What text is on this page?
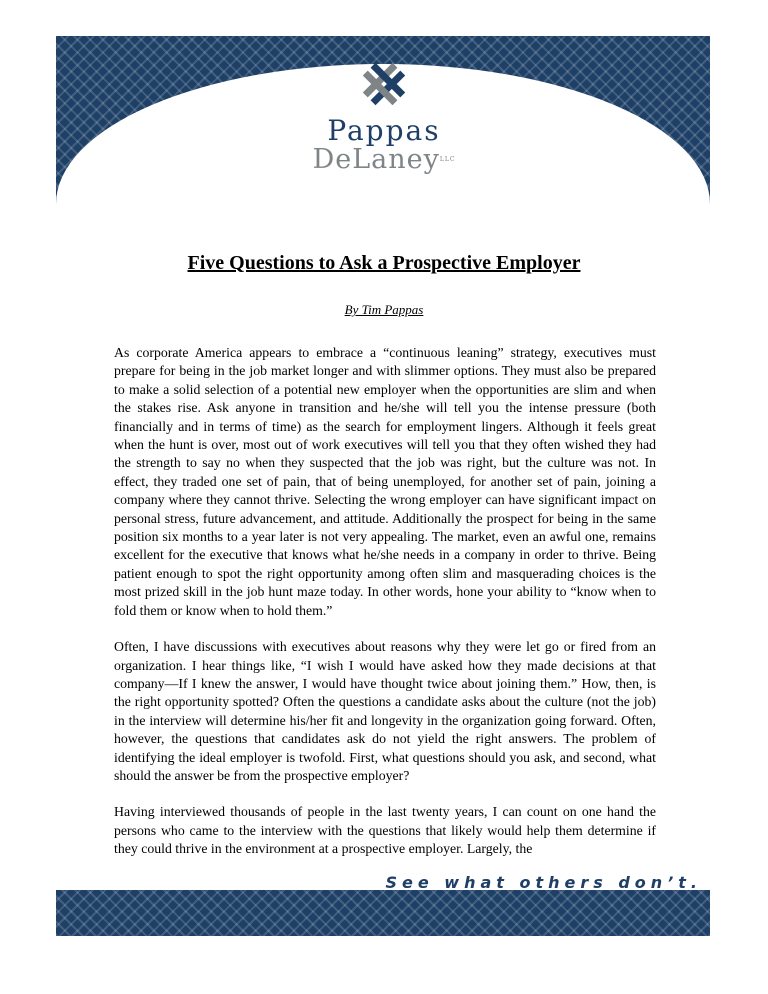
Pappas
DeLaney$^{LLC}$
Five Questions to Ask a Prospective Employer
By Tim Pappas

As corporate America appears to embrace a “continuous leaning” strategy, executives must prepare for being in the job market longer and with slimmer options. They must also be prepared to make a solid selection of a potential new employer when the opportunities are slim and when the stakes rise. Ask anyone in transition and he/she will tell you the intense pressure (both financially and in terms of time) as the search for employment lingers. Although it feels great when the hunt is over, most out of work executives will tell you that they often wished they had the strength to say no when they suspected that the job was right, but the culture was not. In effect, they traded one set of pain, that of being unemployed, for another set of pain, joining a company where they cannot thrive. Selecting the wrong employer can have significant impact on personal stress, future advancement, and attitude. Additionally the prospect for being in the same position six months to a year later is not very appealing. The market, even an awful one, remains excellent for the executive that knows what he/she needs in a company in order to thrive. Being patient enough to spot the right opportunity among often slim and masquerading choices is the most prized skill in the job hunt maze today. In other words, hone your ability to “know when to fold them or know when to hold them.”

Often, I have discussions with executives about reasons why they were let go or fired from an organization. I hear things like, “I wish I would have asked how they made decisions at that company—If I knew the answer, I would have thought twice about joining them.” How, then, is the right opportunity spotted? Often the questions a candidate asks about the culture (not the job) in the interview will determine his/her fit and longevity in the organization going forward. Often, however, the questions that candidates ask do not yield the right answers. The problem of identifying the ideal employer is twofold. First, what questions should you ask, and second, what should the answer be from the prospective employer?

Having interviewed thousands of people in the last twenty years, I can count on one hand the persons who came to the interview with the questions that likely would help them determine if they could thrive in the environment at a prospective employer. Largely, the

See what others don’t.
